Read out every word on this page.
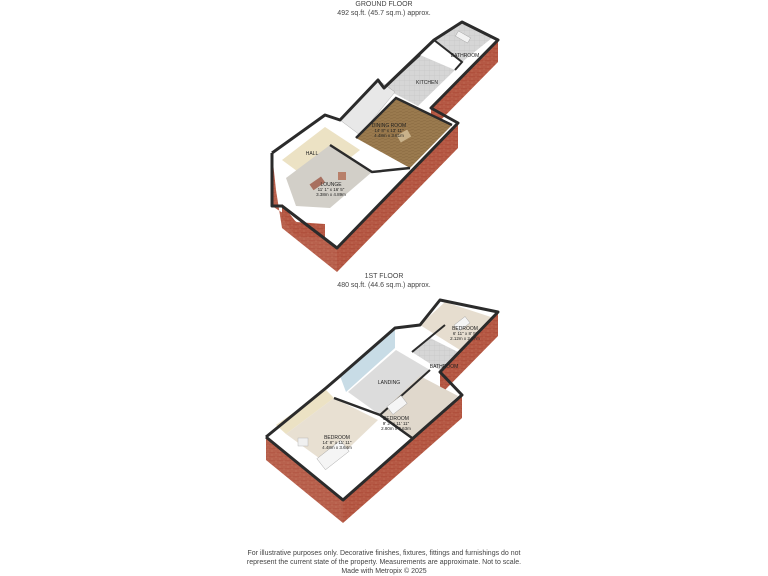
GROUND FLOOR
492 sq.ft. (45.7 sq.m.) approx.
1ST FLOOR
480 sq.ft. (44.6 sq.m.) approx.
BATHROOM
KITCHEN
DINING ROOM
14' 8" x 13' 11"
4.48m x 3.81m
HALL
LOUNGE
11' 1" x 16' 5"
3.38m x 4.89m
BEDROOM
6' 11" x 8' 5"
2.12m x 2.57m
BATHROOM
LANDING
BEDROOM
9' 2" x 11' 11"
2.80m x 3.63m
BEDROOM
14' 8" x 11' 11"
4.48m x 3.64m
For illustrative purposes only. Decorative finishes, fixtures, fittings and furnishings do not
represent the current state of the property. Measurements are approximate. Not to scale.
Made with Metropix © 2025
